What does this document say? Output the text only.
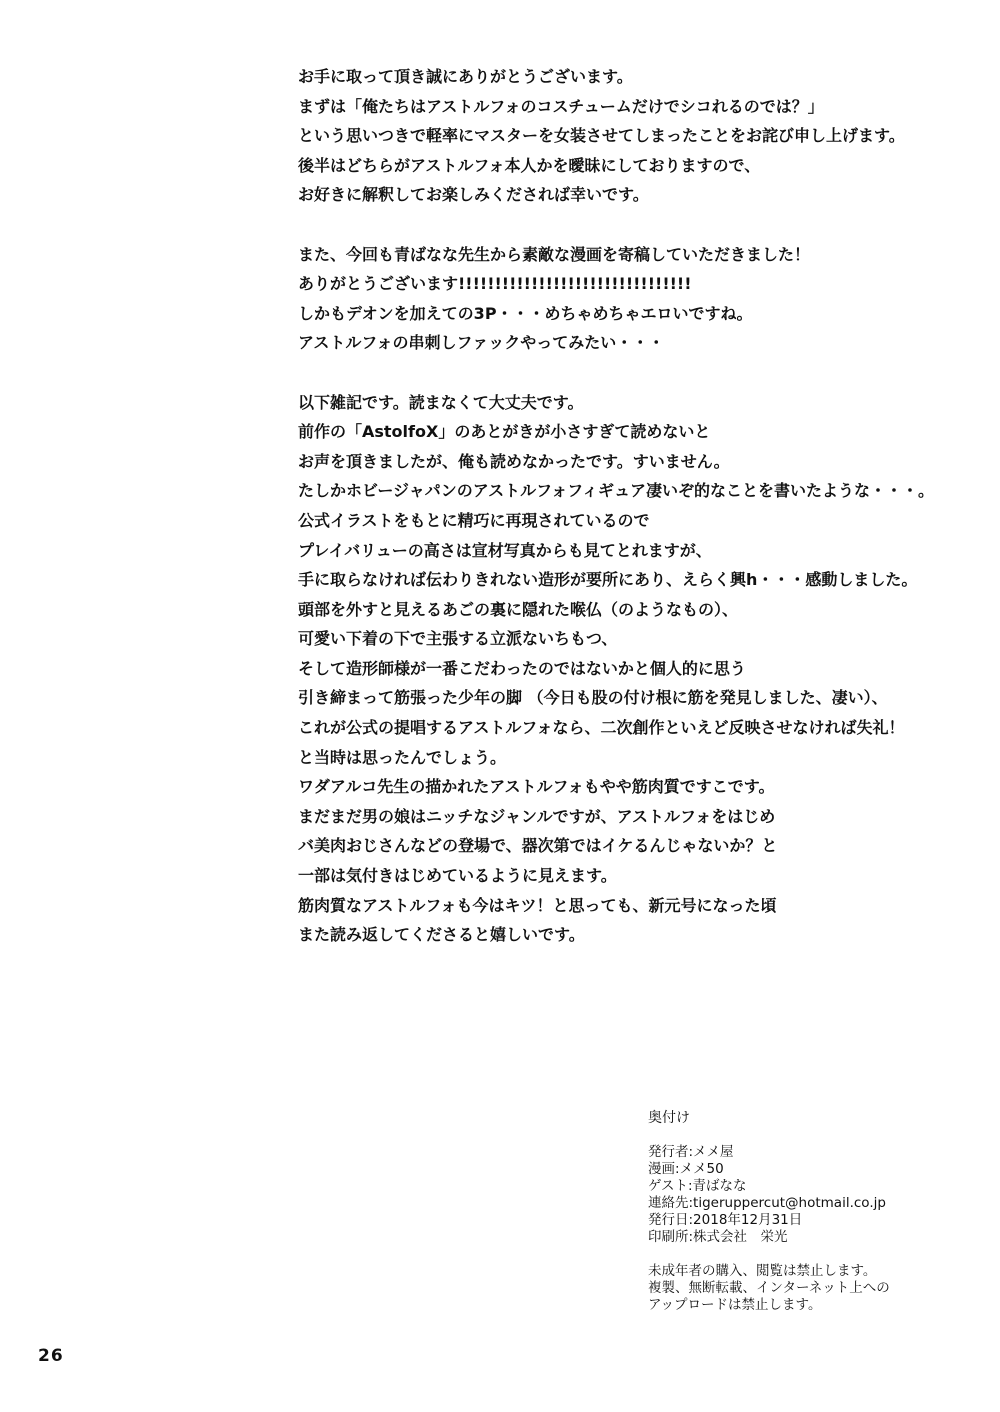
お手に取って頂き誠にありがとうございます。
まずは「俺たちはアストルフォのコスチュームだけでシコれるのでは？」
という思いつきで軽率にマスターを女装させてしまったことをお詫び申し上げます。
後半はどちらがアストルフォ本人かを曖昧にしておりますので、
お好きに解釈してお楽しみくだされば幸いです。
また、今回も青ばなな先生から素敵な漫画を寄稿していただきました！
ありがとうございます!!!!!!!!!!!!!!!!!!!!!!!!!!!!!!!!
しかもデオンを加えての3P・・・めちゃめちゃエロいですね。
アストルフォの串刺しファックやってみたい・・・
以下雑記です。読まなくて大丈夫です。
前作の「AstolfoX」のあとがきが小さすぎて読めないと
お声を頂きましたが、俺も読めなかったです。すいません。
たしかホビージャパンのアストルフォフィギュア凄いぞ的なことを書いたような・・・。
公式イラストをもとに精巧に再現されているので
プレイバリューの高さは宣材写真からも見てとれますが、
手に取らなければ伝わりきれない造形が要所にあり、えらく興h・・・感動しました。
頭部を外すと見えるあごの裏に隠れた喉仏（のようなもの）、
可愛い下着の下で主張する立派ないちもつ、
そして造形師様が一番こだわったのではないかと個人的に思う
引き締まって筋張った少年の脚 （今日も股の付け根に筋を発見しました、凄い）、
これが公式の提唱するアストルフォなら、二次創作といえど反映させなければ失礼！
と当時は思ったんでしょう。
ワダアルコ先生の描かれたアストルフォもやや筋肉質ですこです。
まだまだ男の娘はニッチなジャンルですが、アストルフォをはじめ
バ美肉おじさんなどの登場で、器次第ではイケるんじゃないか？と
一部は気付きはじめているように見えます。
筋肉質なアストルフォも今はキツ！と思っても、新元号になった頃
また読み返してくださると嬉しいです。
奥付け
発行者:メメ屋
漫画:メメ50
ゲスト:青ばなな
連絡先:tigeruppercut@hotmail.co.jp
発行日:2018年12月31日
印刷所:株式会社　栄光
未成年者の購入、閲覧は禁止します。
複製、無断転載、インターネット上への
アップロードは禁止します。
26
